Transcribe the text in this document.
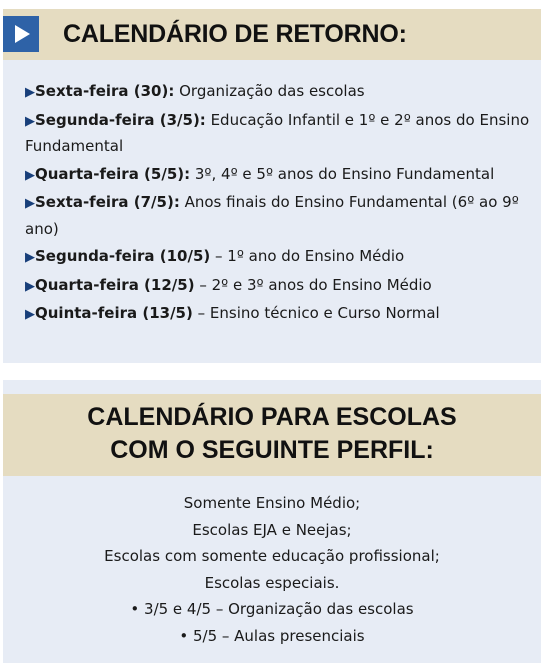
CALENDÁRIO DE RETORNO:
▶Sexta-feira (30): Organização das escolas
▶Segunda-feira (3/5): Educação Infantil e 1º e 2º anos do Ensino Fundamental
▶Quarta-feira (5/5): 3º, 4º e 5º anos do Ensino Fundamental
▶Sexta-feira (7/5): Anos finais do Ensino Fundamental (6º ao 9º ano)
▶Segunda-feira (10/5) – 1º ano do Ensino Médio
▶Quarta-feira (12/5) – 2º e 3º anos do Ensino Médio
▶Quinta-feira (13/5) – Ensino técnico e Curso Normal
CALENDÁRIO PARA ESCOLAS
COM O SEGUINTE PERFIL:
Somente Ensino Médio;
Escolas EJA e Neejas;
Escolas com somente educação profissional;
Escolas especiais.
• 3/5 e 4/5 – Organização das escolas
• 5/5 – Aulas presenciais
